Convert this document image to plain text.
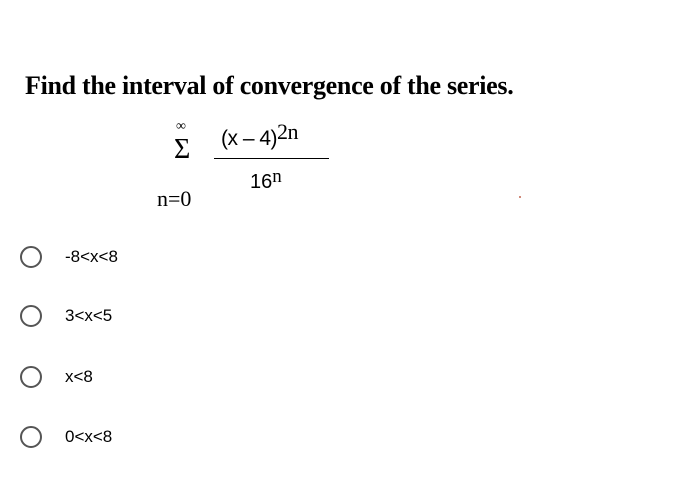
Find the interval of convergence of the series.
∞
Σ
n=0
(x – 4)$^{2n}$
16$^n$
-8<x<8
3<x<5
x<8
0<x<8
